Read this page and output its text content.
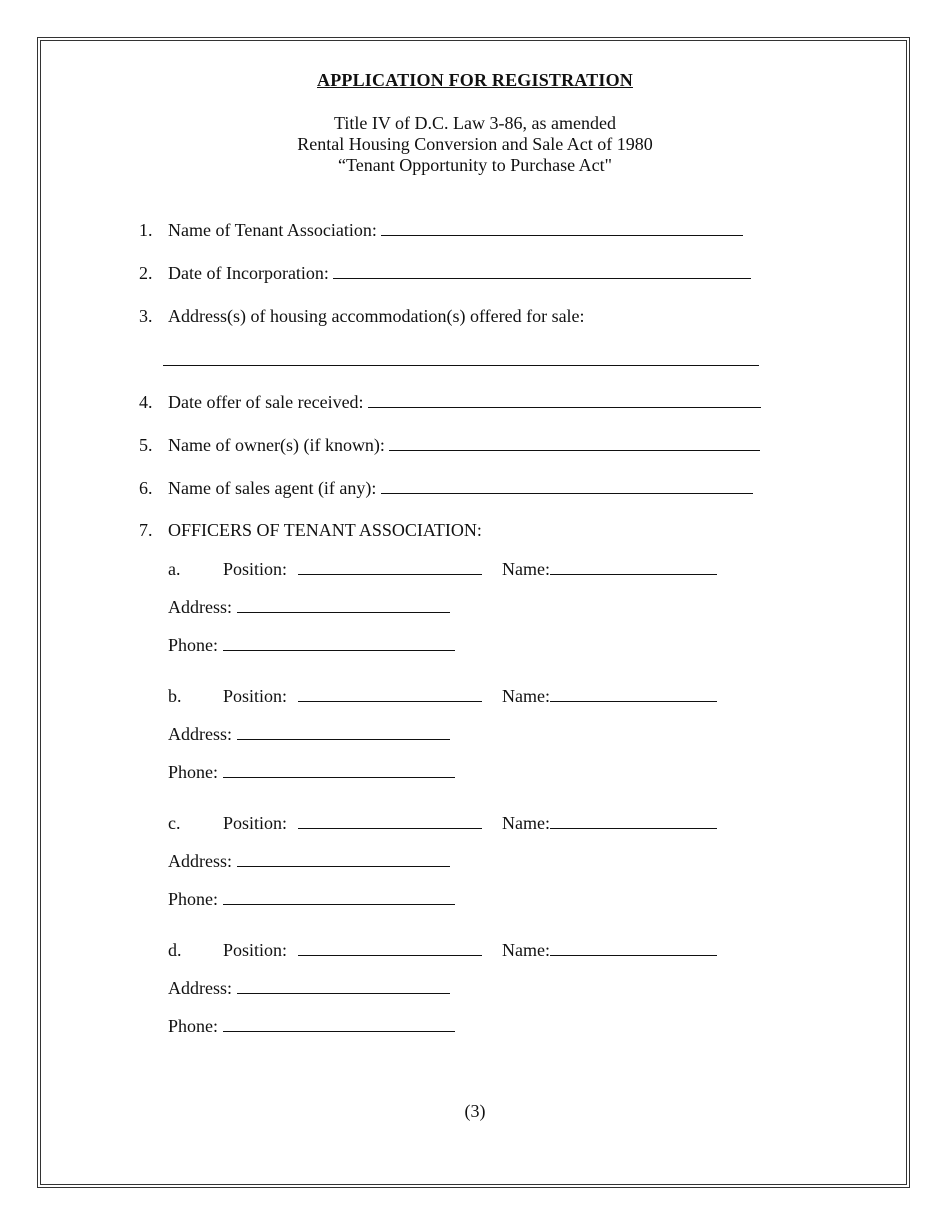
APPLICATION FOR REGISTRATION
Title IV of D.C. Law 3-86, as amended
Rental Housing Conversion and Sale Act of 1980
“Tenant Opportunity to Purchase Act"
1. Name of Tenant Association:
2. Date of Incorporation:
3. Address(s) of housing accommodation(s) offered for sale:
4. Date offer of sale received:
5. Name of owner(s) (if known):
6. Name of sales agent (if any):
7. OFFICERS OF TENANT ASSOCIATION:
a. Position:	Name:
Address:
Phone:
b. Position:	Name:
Address:
Phone:
c. Position:	Name:
Address:
Phone:
d. Position:	Name:
Address:
Phone:
(3)
